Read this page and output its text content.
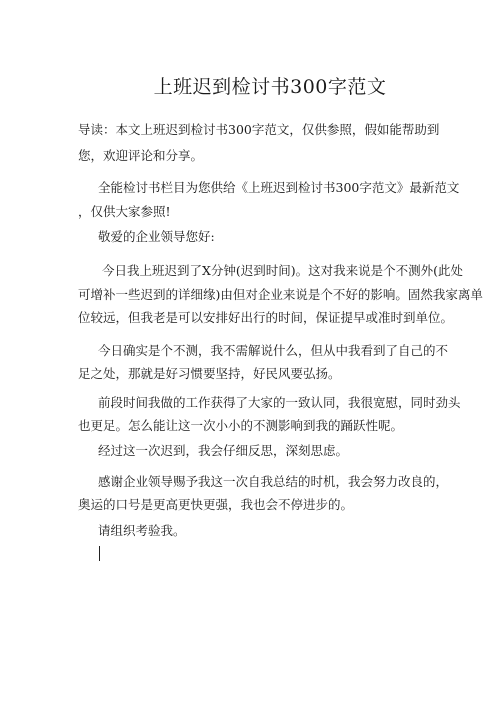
上班迟到检讨书300字范文
导读：本文上班迟到检讨书300字范文，仅供参照，假如能帮助到
您，欢迎评论和分享。
全能检讨书栏目为您供给《上班迟到检讨书300字范文》最新范文
，仅供大家参照!
敬爱的企业领导您好:
今日我上班迟到了X分钟(迟到时间)。这对我来说是个不测外(此处
可增补一些迟到的详细缘)由但对企业来说是个不好的影响。固然我家离单
位较远，但我老是可以安排好出行的时间，保证提早或准时到单位。
今日确实是个不测，我不需解说什么，但从中我看到了自己的不
足之处，那就是好习惯要坚持，好民风要弘扬。
前段时间我做的工作获得了大家的一致认同，我很宽慰，同时劲头
也更足。怎么能让这一次小小的不测影响到我的踊跃性呢。
经过这一次迟到，我会仔细反思，深刻思虑。
感谢企业领导赐予我这一次自我总结的时机，我会努力改良的，
奥运的口号是更高更快更强，我也会不停进步的。
请组织考验我。
